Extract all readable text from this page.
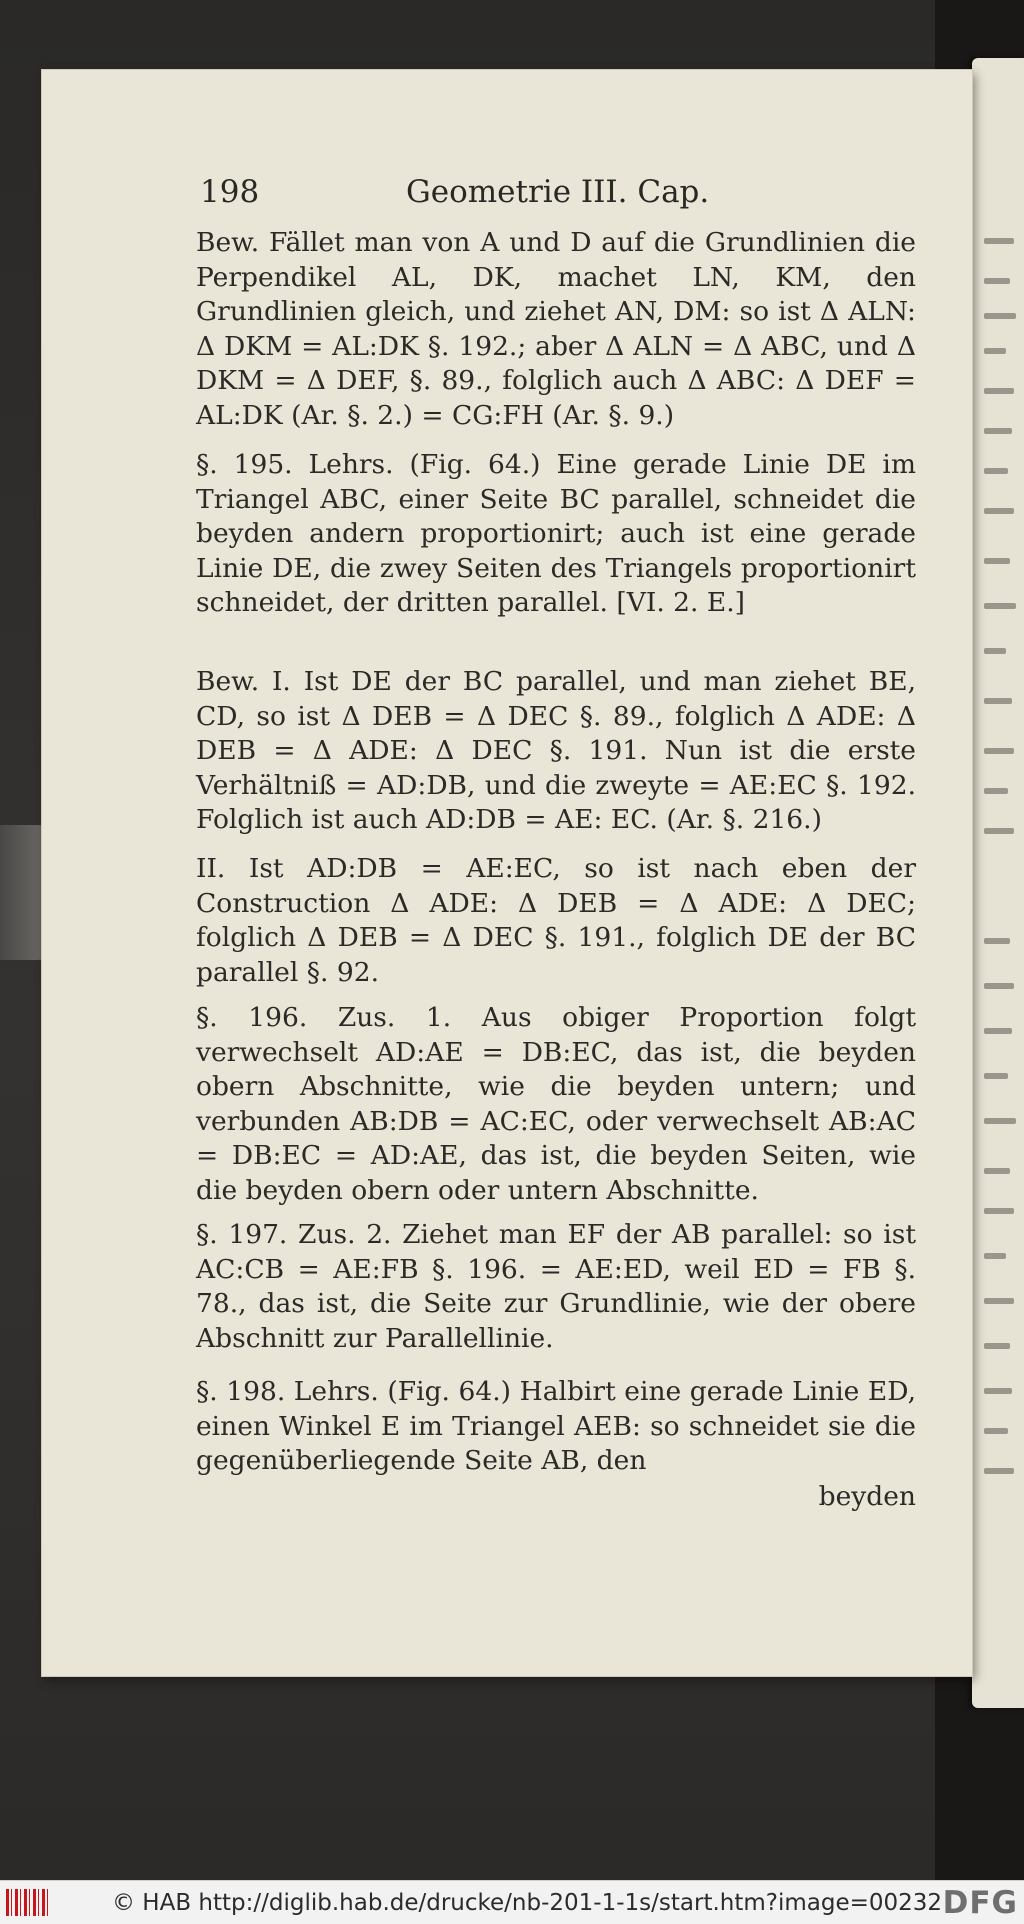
198	Geometrie III. Cap.

Bew. Fället man von A und D auf die Grundlinien die Perpendikel AL, DK, machet LN, KM, den Grundlinien gleich, und ziehet AN, DM: so ist Δ ALN: Δ DKM = AL:DK §. 192.; aber Δ ALN = Δ ABC, und Δ DKM = Δ DEF, §. 89., folglich auch Δ ABC: Δ DEF = AL:DK (Ar. §. 2.) = CG:FH (Ar. §. 9.)

§. 195. Lehrs. (Fig. 64.) Eine gerade Linie DE im Triangel ABC, einer Seite BC parallel, schneidet die beyden andern proportionirt; auch ist eine gerade Linie DE, die zwey Seiten des Triangels proportionirt schneidet, der dritten parallel. [VI. 2. E.]

Bew. I. Ist DE der BC parallel, und man ziehet BE, CD, so ist Δ DEB = Δ DEC §. 89., folglich Δ ADE: Δ DEB = Δ ADE: Δ DEC §. 191. Nun ist die erste Verhältniß = AD:DB, und die zweyte = AE:EC §. 192. Folglich ist auch AD:DB = AE: EC. (Ar. §. 216.)

II. Ist AD:DB = AE:EC, so ist nach eben der Construction Δ ADE: Δ DEB = Δ ADE: Δ DEC; folglich Δ DEB = Δ DEC §. 191., folglich DE der BC parallel §. 92.

§. 196. Zus. 1. Aus obiger Proportion folgt verwechselt AD:AE = DB:EC, das ist, die beyden obern Abschnitte, wie die beyden untern; und verbunden AB:DB = AC:EC, oder verwechselt AB:AC = DB:EC = AD:AE, das ist, die beyden Seiten, wie die beyden obern oder untern Abschnitte.

§. 197. Zus. 2. Ziehet man EF der AB parallel: so ist AC:CB = AE:FB §. 196. = AE:ED, weil ED = FB §. 78., das ist, die Seite zur Grundlinie, wie der obere Abschnitt zur Parallellinie.

§. 198. Lehrs. (Fig. 64.) Halbirt eine gerade Linie ED, einen Winkel E im Triangel AEB: so schneidet sie die gegenüberliegende Seite AB, den

beyden

© HAB http://diglib.hab.de/drucke/nb-201-1-1s/start.htm?image=00232 DFG
